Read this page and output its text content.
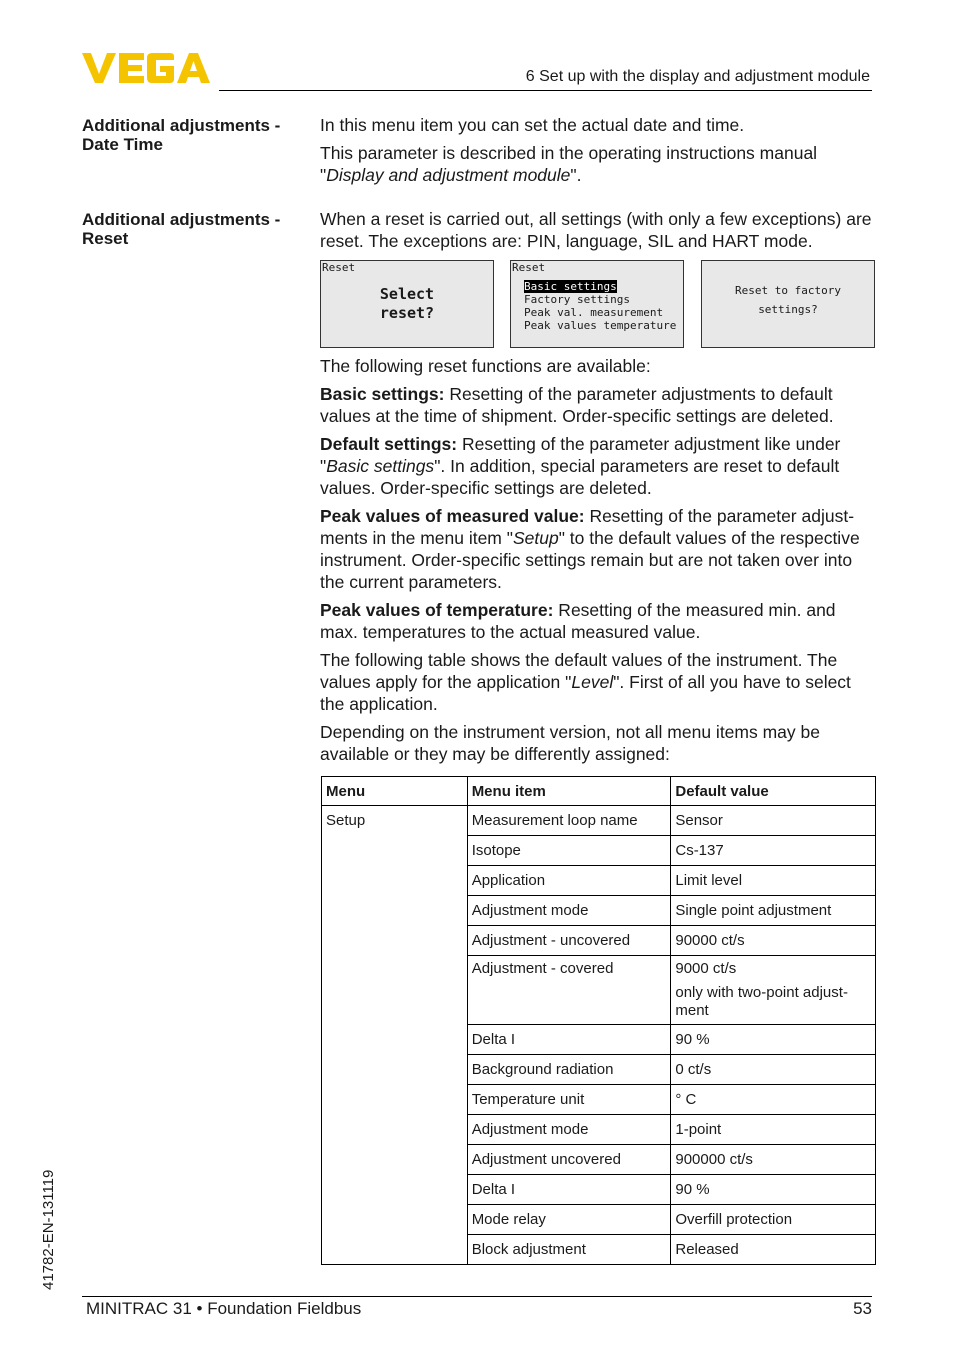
6 Set up with the display and adjustment module
Additional adjustments - Date Time

In this menu item you can set the actual date and time.

This parameter is described in the operating instructions manual "Display and adjustment module".

Additional adjustments - Reset
When a reset is carried out, all settings (with only a few exceptions) are reset. The exceptions are: PIN, language, SIL and HART mode.
Reset
Select
reset?
Reset
Basic settings
Factory settings
Peak val. measurement
Peak values temperature
Reset to factory
settings?

The following reset functions are available:

Basic settings: Resetting of the parameter adjustments to default values at the time of shipment. Order-specific settings are deleted.

Default settings: Resetting of the parameter adjustment like under "Basic settings". In addition, special parameters are reset to default values. Order-specific settings are deleted.

Peak values of measured value: Resetting of the parameter adjust-ments in the menu item "Setup" to the default values of the respective instrument. Order-specific settings remain but are not taken over into the current parameters.

Peak values of temperature: Resetting of the measured min. and max. temperatures to the actual measured value.

The following table shows the default values of the instrument. The values apply for the application "Level". First of all you have to select the application.

Depending on the instrument version, not all menu items may be available or they may be differently assigned:

Menu	Menu item	Default value
Setup	Measurement loop name	Sensor
	Isotope	Cs-137
	Application	Limit level
	Adjustment mode	Single point adjustment
	Adjustment - uncovered	90000 ct/s
	Adjustment - covered	9000 ct/s
only with two-point adjust-ment

	Delta I	90 %
	Background radiation	0 ct/s
	Temperature unit	° C
	Adjustment mode	1-point
	Adjustment uncovered	900000 ct/s
	Delta I	90 %
	Mode relay	Overfill protection
	Block adjustment	Released
41782-EN-131119
MINITRAC 31 • Foundation Fieldbus	53
